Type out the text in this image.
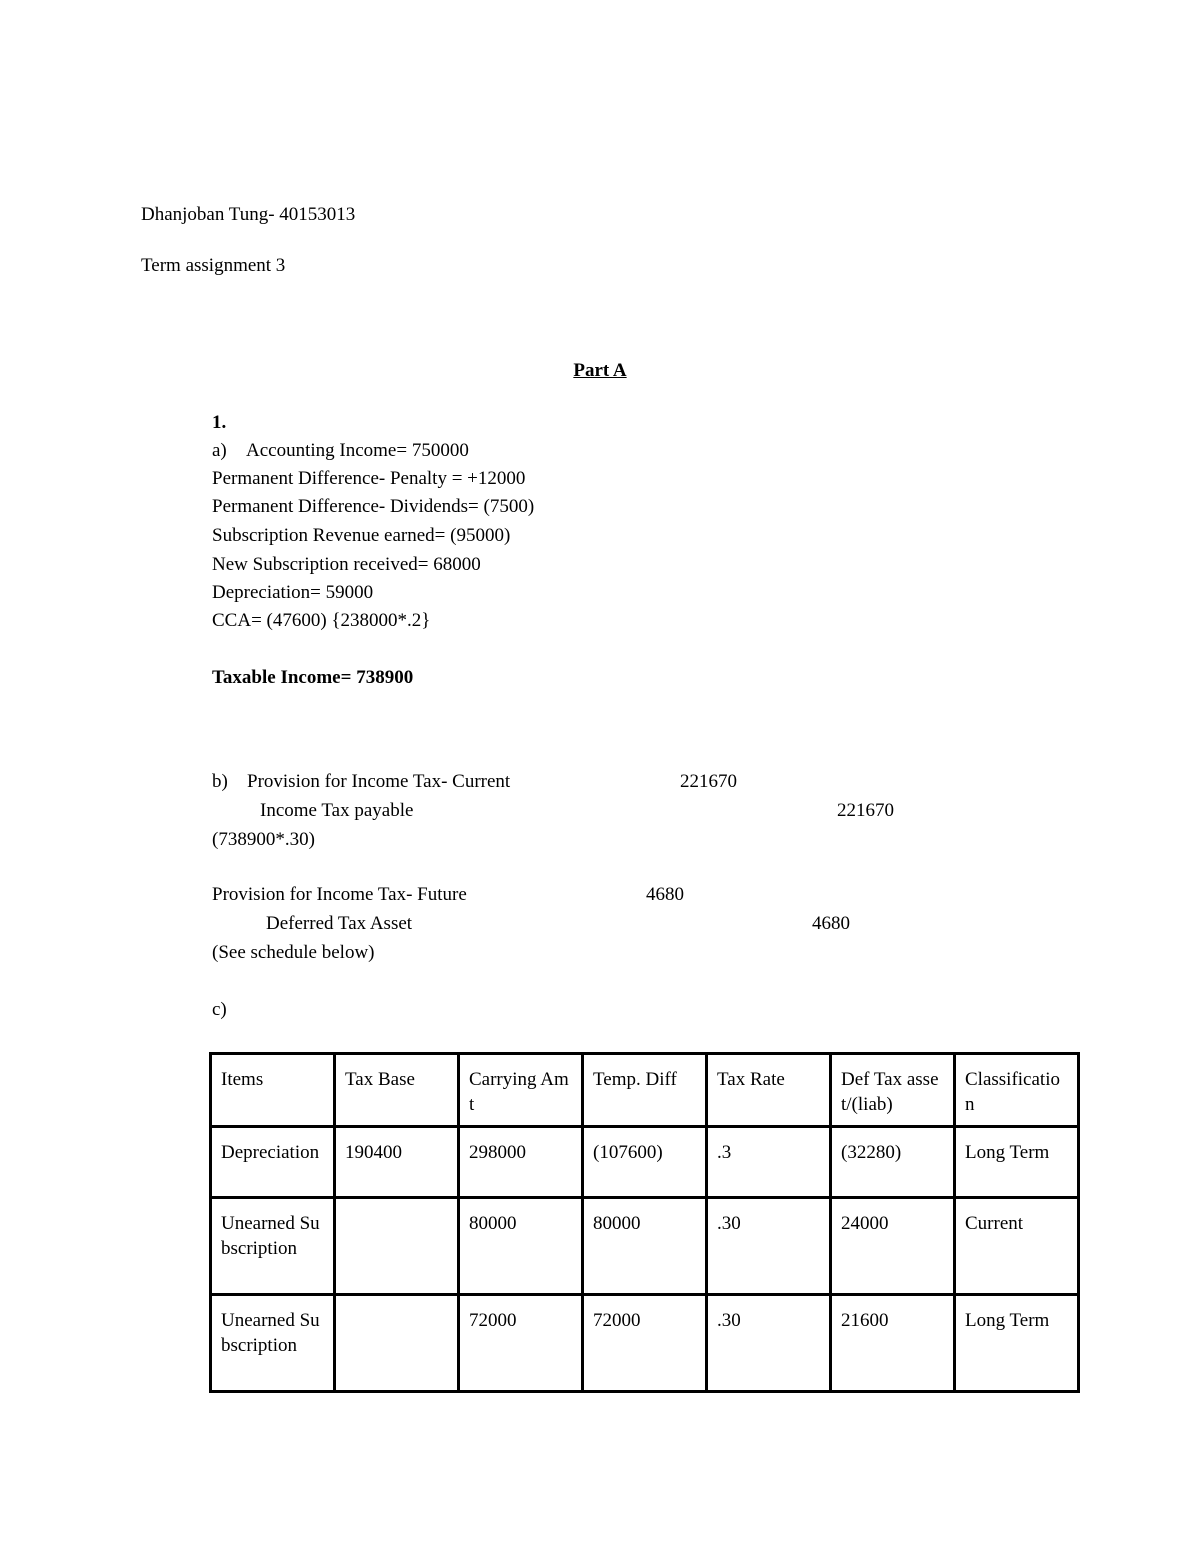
Dhanjoban Tung- 40153013
Term assignment 3
Part A
1.
a) Accounting Income= 750000
Permanent Difference- Penalty = +12000
Permanent Difference- Dividends= (7500)
Subscription Revenue earned= (95000)
New Subscription received= 68000
Depreciation= 59000
CCA= (47600) {238000*.2}
Taxable Income= 738900
b) Provision for Income Tax- Current	221670
Income Tax payable	221670
(738900*.30)
Provision for Income Tax- Future	4680
Deferred Tax Asset	4680
(See schedule below)
c)
Items	Tax Base	Carrying Amt	Temp. Diff	Tax Rate	Def Tax asset/(liab)	Classification
Depreciation	190400	298000	(107600)	.3	(32280)	Long Term
Unearned Subscription		80000	80000	.30	24000	Current
Unearned Subscription		72000	72000	.30	21600	Long Term
